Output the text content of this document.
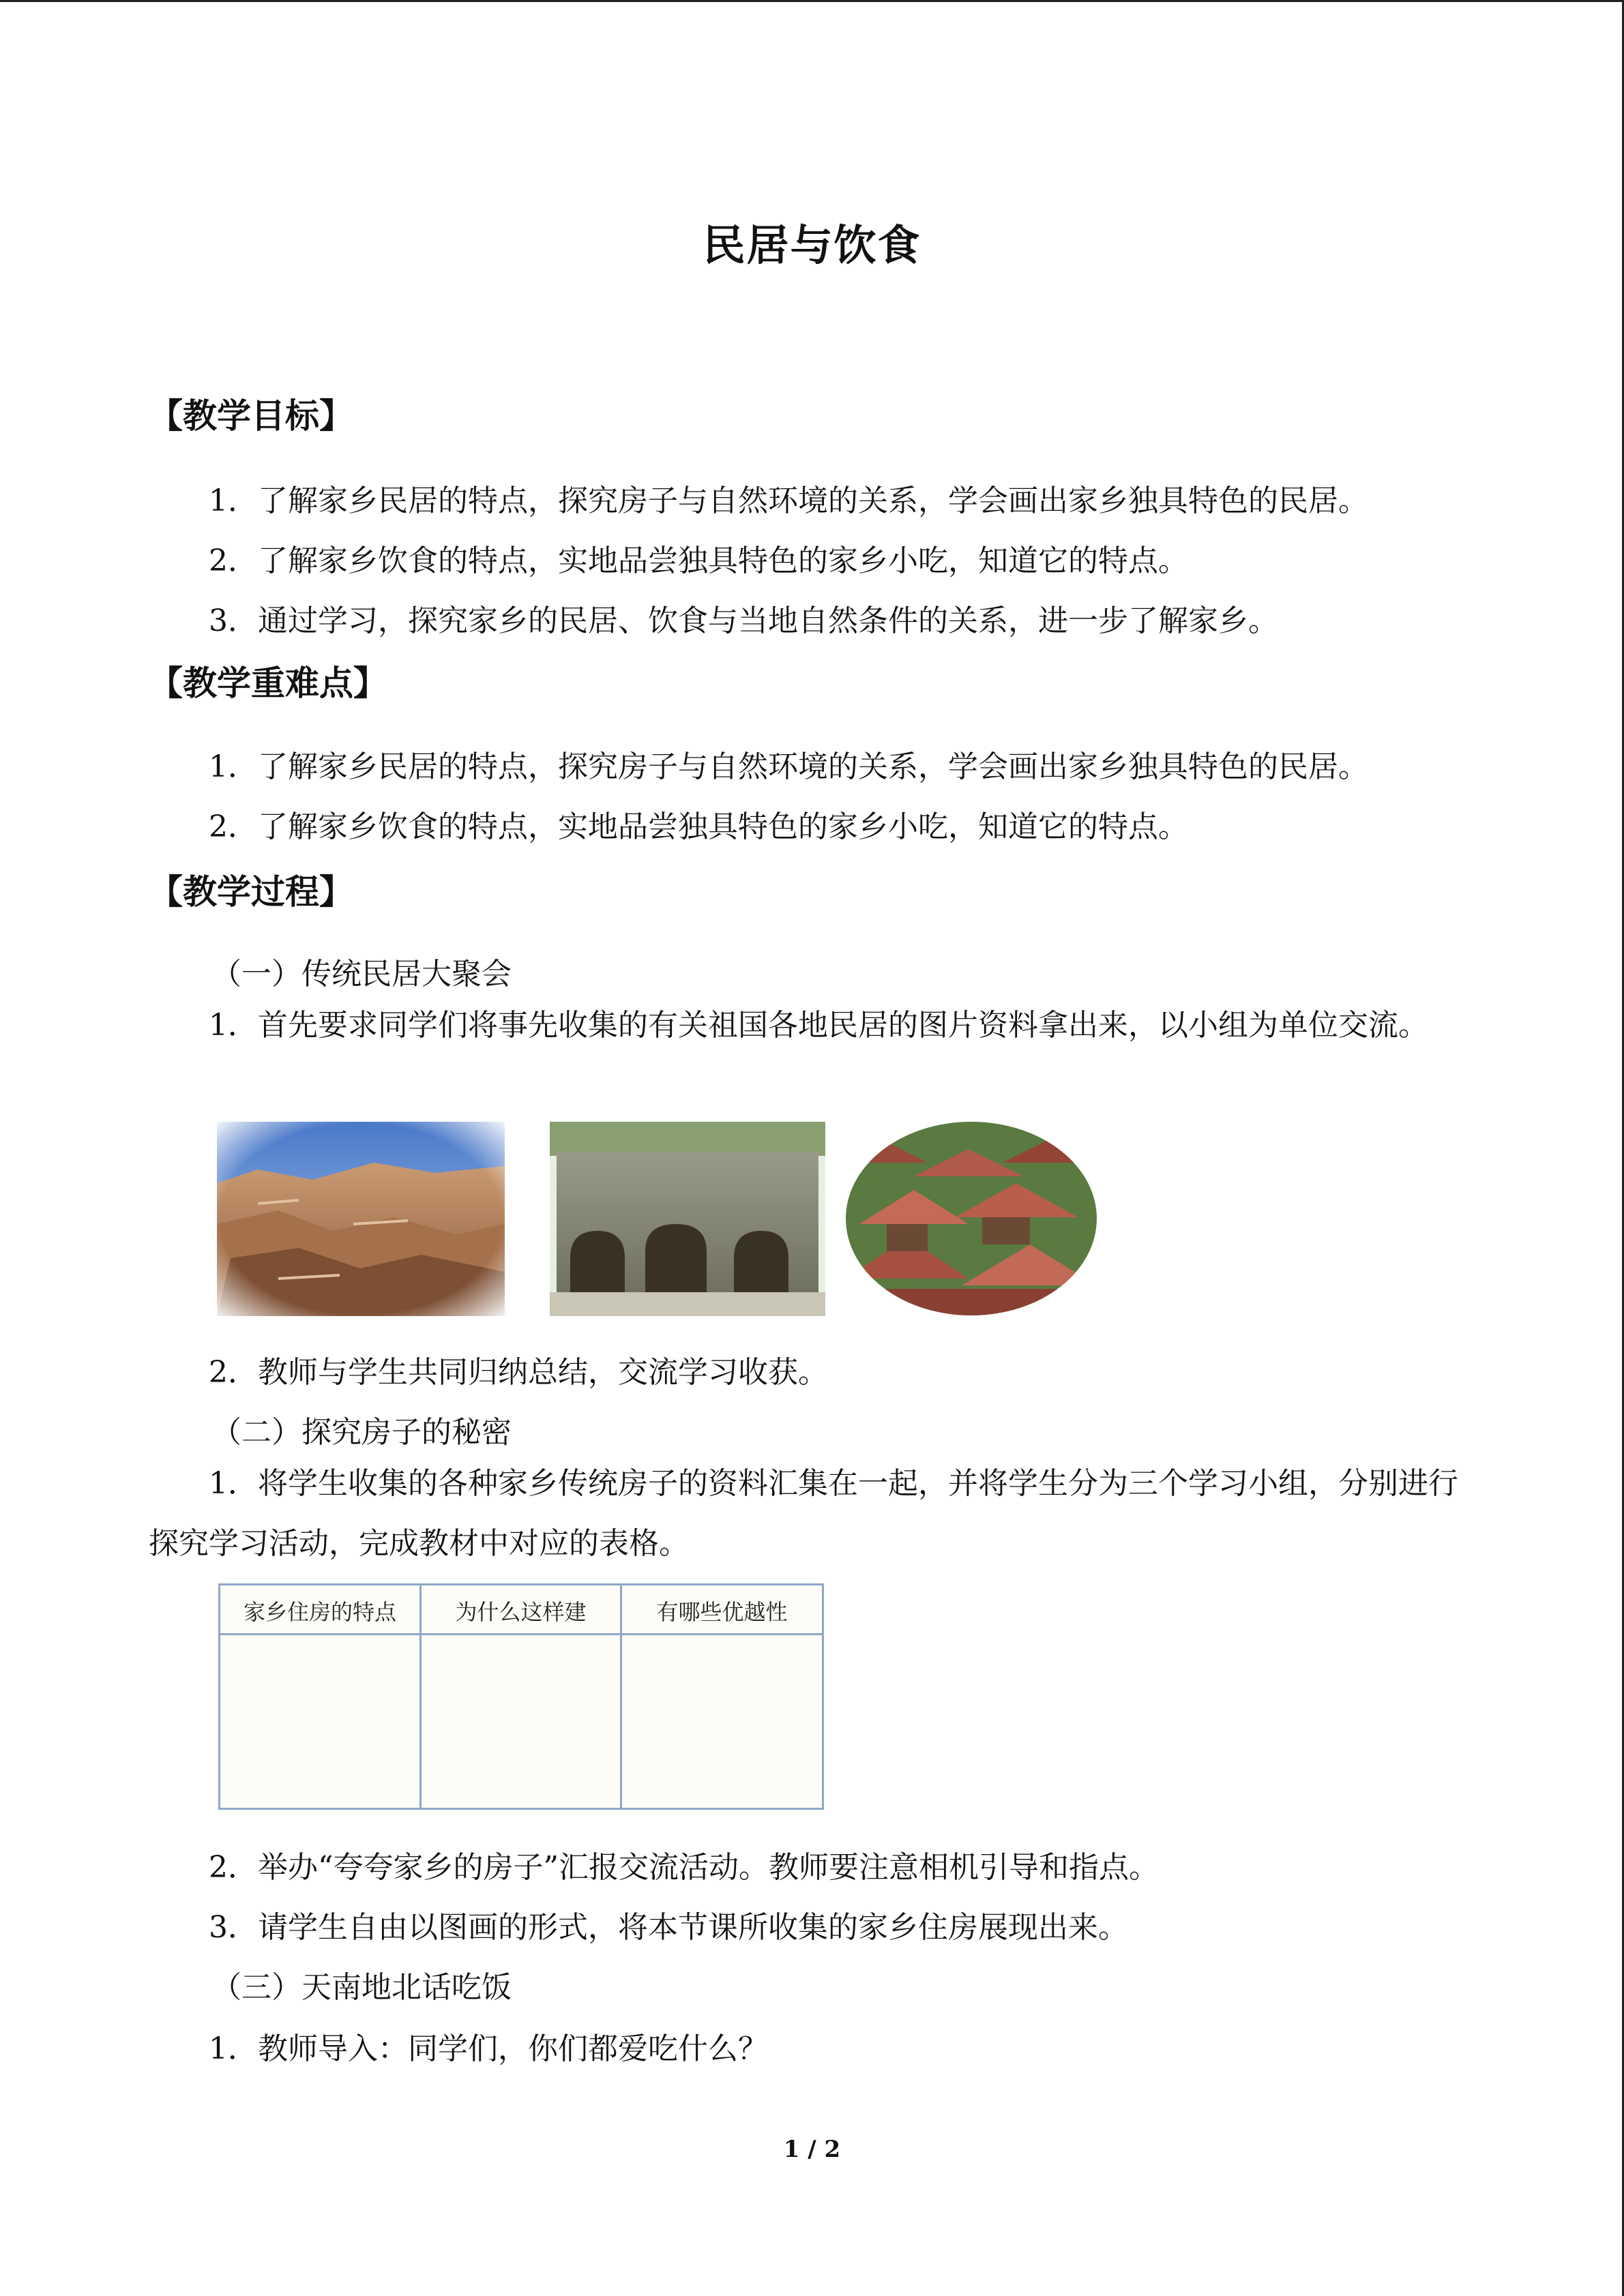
民居与饮食
【教学目标】
1．了解家乡民居的特点，探究房子与自然环境的关系，学会画出家乡独具特色的民居。
2．了解家乡饮食的特点，实地品尝独具特色的家乡小吃，知道它的特点。
3．通过学习，探究家乡的民居、饮食与当地自然条件的关系，进一步了解家乡。
【教学重难点】
1．了解家乡民居的特点，探究房子与自然环境的关系，学会画出家乡独具特色的民居。
2．了解家乡饮食的特点，实地品尝独具特色的家乡小吃，知道它的特点。
【教学过程】
（一）传统民居大聚会
1．首先要求同学们将事先收集的有关祖国各地民居的图片资料拿出来，以小组为单位交流。
2．教师与学生共同归纳总结，交流学习收获。
（二）探究房子的秘密
1．将学生收集的各种家乡传统房子的资料汇集在一起，并将学生分为三个学习小组，分别进行探究学习活动，完成教材中对应的表格。
家乡住房的特点	为什么这样建	有哪些优越性
2．举办“夸夸家乡的房子”汇报交流活动。教师要注意相机引导和指点。
3．请学生自由以图画的形式，将本节课所收集的家乡住房展现出来。
（三）天南地北话吃饭
1．教师导入：同学们，你们都爱吃什么？
1 / 2
